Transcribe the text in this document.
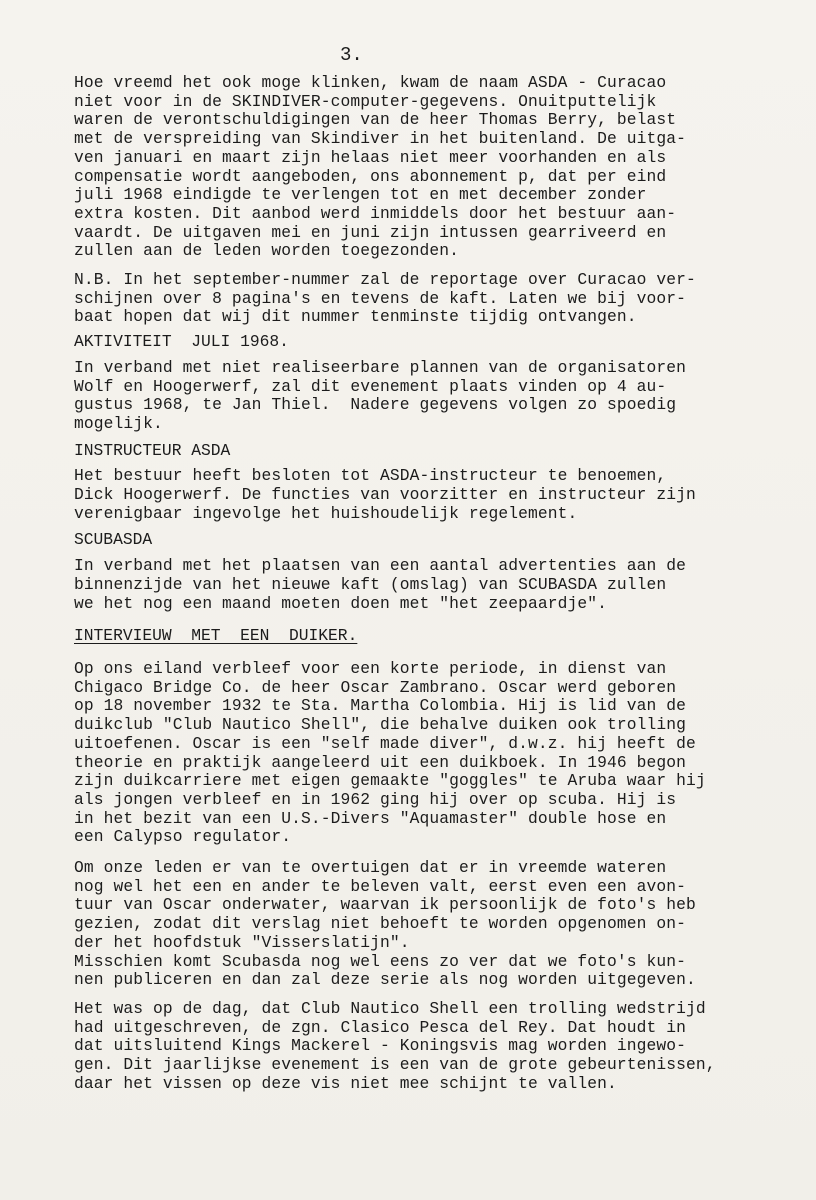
3.
Hoe vreemd het ook moge klinken, kwam de naam ASDA - Curacao
niet voor in de SKINDIVER-computer-gegevens. Onuitputtelijk
waren de verontschuldigingen van de heer Thomas Berry, belast
met de verspreiding van Skindiver in het buitenland. De uitga-
ven januari en maart zijn helaas niet meer voorhanden en als
compensatie wordt aangeboden, ons abonnement p, dat per eind
juli 1968 eindigde te verlengen tot en met december zonder
extra kosten. Dit aanbod werd inmiddels door het bestuur aan-
vaardt. De uitgaven mei en juni zijn intussen gearriveerd en
zullen aan de leden worden toegezonden.
N.B. In het september-nummer zal de reportage over Curacao ver-
schijnen over 8 pagina's en tevens de kaft. Laten we bij voor-
baat hopen dat wij dit nummer tenminste tijdig ontvangen.
AKTIVITEIT  JULI 1968.
In verband met niet realiseerbare plannen van de organisatoren
Wolf en Hoogerwerf, zal dit evenement plaats vinden op 4 au-
gustus 1968, te Jan Thiel.  Nadere gegevens volgen zo spoedig
mogelijk.
INSTRUCTEUR ASDA
Het bestuur heeft besloten tot ASDA-instructeur te benoemen,
Dick Hoogerwerf. De functies van voorzitter en instructeur zijn
verenigbaar ingevolge het huishoudelijk regelement.
SCUBASDA
In verband met het plaatsen van een aantal advertenties aan de
binnenzijde van het nieuwe kaft (omslag) van SCUBASDA zullen
we het nog een maand moeten doen met "het zeepaardje".
INTERVIEUW  MET  EEN  DUIKER.
Op ons eiland verbleef voor een korte periode, in dienst van
Chigaco Bridge Co. de heer Oscar Zambrano. Oscar werd geboren
op 18 november 1932 te Sta. Martha Colombia. Hij is lid van de
duikclub "Club Nautico Shell", die behalve duiken ook trolling
uitoefenen. Oscar is een "self made diver", d.w.z. hij heeft de
theorie en praktijk aangeleerd uit een duikboek. In 1946 begon
zijn duikcarriere met eigen gemaakte "goggles" te Aruba waar hij
als jongen verbleef en in 1962 ging hij over op scuba. Hij is
in het bezit van een U.S.-Divers "Aquamaster" double hose en
een Calypso regulator.
Om onze leden er van te overtuigen dat er in vreemde wateren
nog wel het een en ander te beleven valt, eerst even een avon-
tuur van Oscar onderwater, waarvan ik persoonlijk de foto's heb
gezien, zodat dit verslag niet behoeft te worden opgenomen on-
der het hoofdstuk "Visserslatijn".
Misschien komt Scubasda nog wel eens zo ver dat we foto's kun-
nen publiceren en dan zal deze serie als nog worden uitgegeven.
Het was op de dag, dat Club Nautico Shell een trolling wedstrijd
had uitgeschreven, de zgn. Clasico Pesca del Rey. Dat houdt in
dat uitsluitend Kings Mackerel - Koningsvis mag worden ingewo-
gen. Dit jaarlijkse evenement is een van de grote gebeurtenissen,
daar het vissen op deze vis niet mee schijnt te vallen.
